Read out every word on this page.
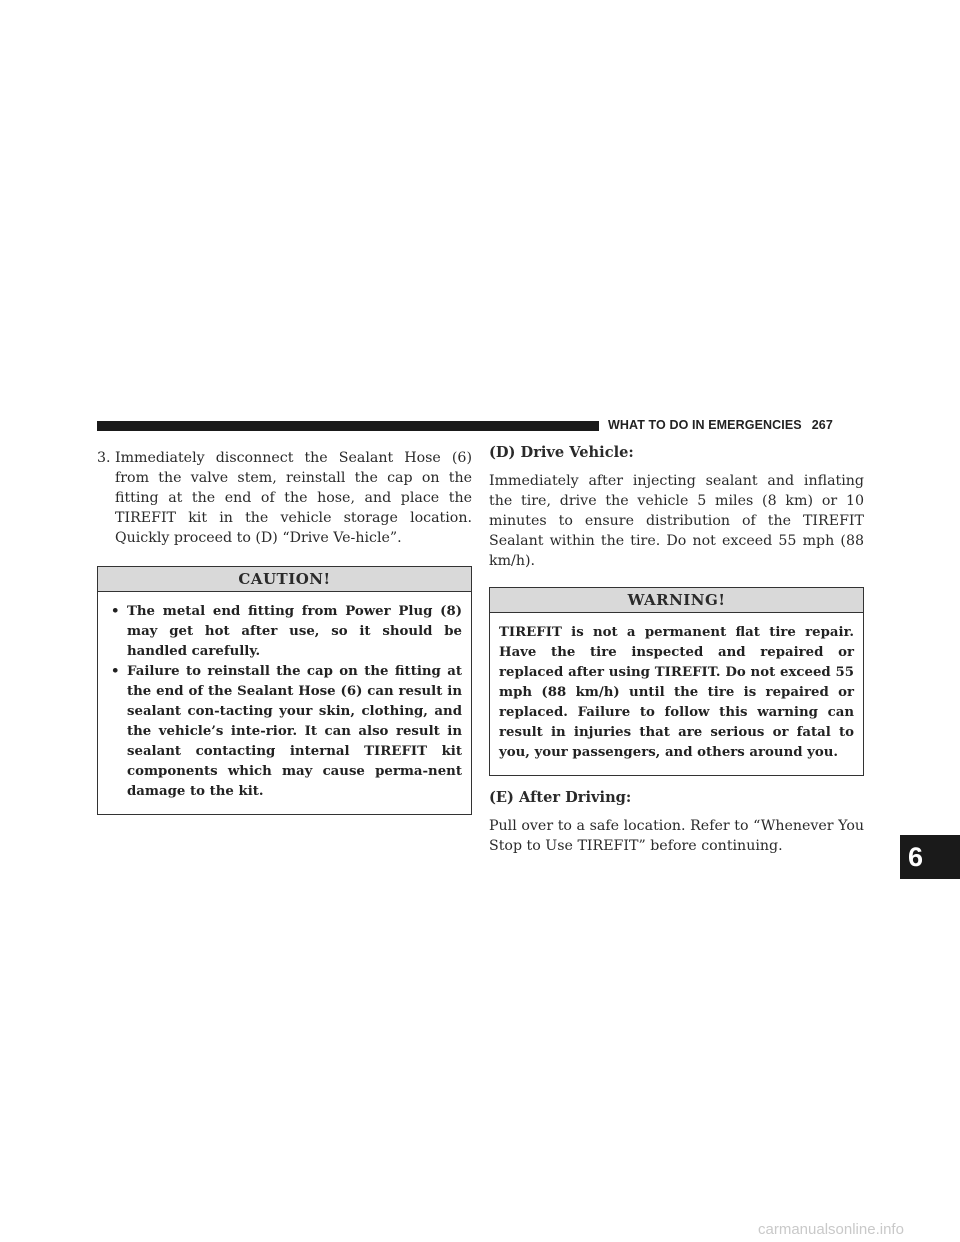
WHAT TO DO IN EMERGENCIES 267
3. Immediately disconnect the Sealant Hose (6) from the valve stem, reinstall the cap on the fitting at the end of the hose, and place the TIREFIT kit in the vehicle storage location. Quickly proceed to (D) “Drive Ve-hicle”.
CAUTION!
• The metal end fitting from Power Plug (8) may get hot after use, so it should be handled carefully.
• Failure to reinstall the cap on the fitting at the end of the Sealant Hose (6) can result in sealant con-tacting your skin, clothing, and the vehicle’s inte-rior. It can also result in sealant contacting internal TIREFIT kit components which may cause perma-nent damage to the kit.
(D) Drive Vehicle:
Immediately after injecting sealant and inflating the tire, drive the vehicle 5 miles (8 km) or 10 minutes to ensure distribution of the TIREFIT Sealant within the tire. Do not exceed 55 mph (88 km/h).
WARNING!
TIREFIT is not a permanent flat tire repair. Have the tire inspected and repaired or replaced after using TIREFIT. Do not exceed 55 mph (88 km/h) until the tire is repaired or replaced. Failure to follow this warning can result in injuries that are serious or fatal to you, your passengers, and others around you.
(E) After Driving:
Pull over to a safe location. Refer to “Whenever You Stop to Use TIREFIT” before continuing.	6
carmanualsonline.info
